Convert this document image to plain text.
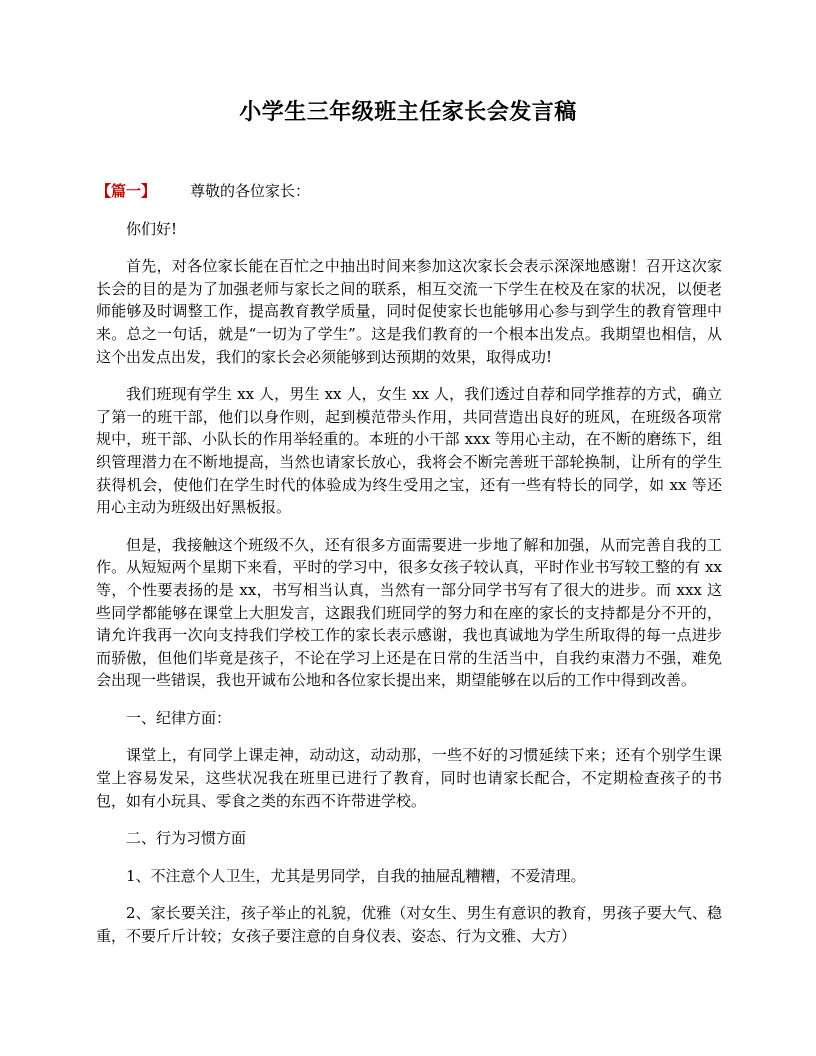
小学生三年级班主任家长会发言稿

【篇一】 尊敬的各位家长：

你们好!

首先，对各位家长能在百忙之中抽出时间来参加这次家长会表示深深地感谢！召开这次家长会的目的是为了加强老师与家长之间的联系，相互交流一下学生在校及在家的状况，以便老师能够及时调整工作，提高教育教学质量，同时促使家长也能够用心参与到学生的教育管理中来。总之一句话，就是“一切为了学生”。这是我们教育的一个根本出发点。我期望也相信，从这个出发点出发，我们的家长会必须能够到达预期的效果，取得成功!

我们班现有学生 xx 人，男生 xx 人，女生 xx 人，我们透过自荐和同学推荐的方式，确立了第一的班干部，他们以身作则，起到模范带头作用，共同营造出良好的班风，在班级各项常规中，班干部、小队长的作用举轻重的。本班的小干部 xxx 等用心主动，在不断的磨练下，组织管理潜力在不断地提高，当然也请家长放心，我将会不断完善班干部轮换制，让所有的学生获得机会，使他们在学生时代的体验成为终生受用之宝，还有一些有特长的同学，如 xx 等还用心主动为班级出好黑板报。

但是，我接触这个班级不久，还有很多方面需要进一步地了解和加强，从而完善自我的工作。从短短两个星期下来看，平时的学习中，很多女孩子较认真，平时作业书写较工整的有 xx 等，个性要表扬的是 xx，书写相当认真，当然有一部分同学书写有了很大的进步。而 xxx 这些同学都能够在课堂上大胆发言，这跟我们班同学的努力和在座的家长的支持都是分不开的，请允许我再一次向支持我们学校工作的家长表示感谢，我也真诚地为学生所取得的每一点进步而骄傲，但他们毕竟是孩子，不论在学习上还是在日常的生活当中，自我约束潜力不强，难免会出现一些错误，我也开诚布公地和各位家长提出来，期望能够在以后的工作中得到改善。

一、纪律方面：

课堂上，有同学上课走神，动动这，动动那，一些不好的习惯延续下来；还有个别学生课堂上容易发呆，这些状况我在班里已进行了教育，同时也请家长配合，不定期检查孩子的书包，如有小玩具、零食之类的东西不许带进学校。

二、行为习惯方面

1、不注意个人卫生，尤其是男同学，自我的抽屉乱糟糟，不爱清理。

2、家长要关注，孩子举止的礼貌，优雅（对女生、男生有意识的教育，男孩子要大气、稳重，不要斤斤计较；女孩子要注意的自身仪表、姿态、行为文雅、大方）
